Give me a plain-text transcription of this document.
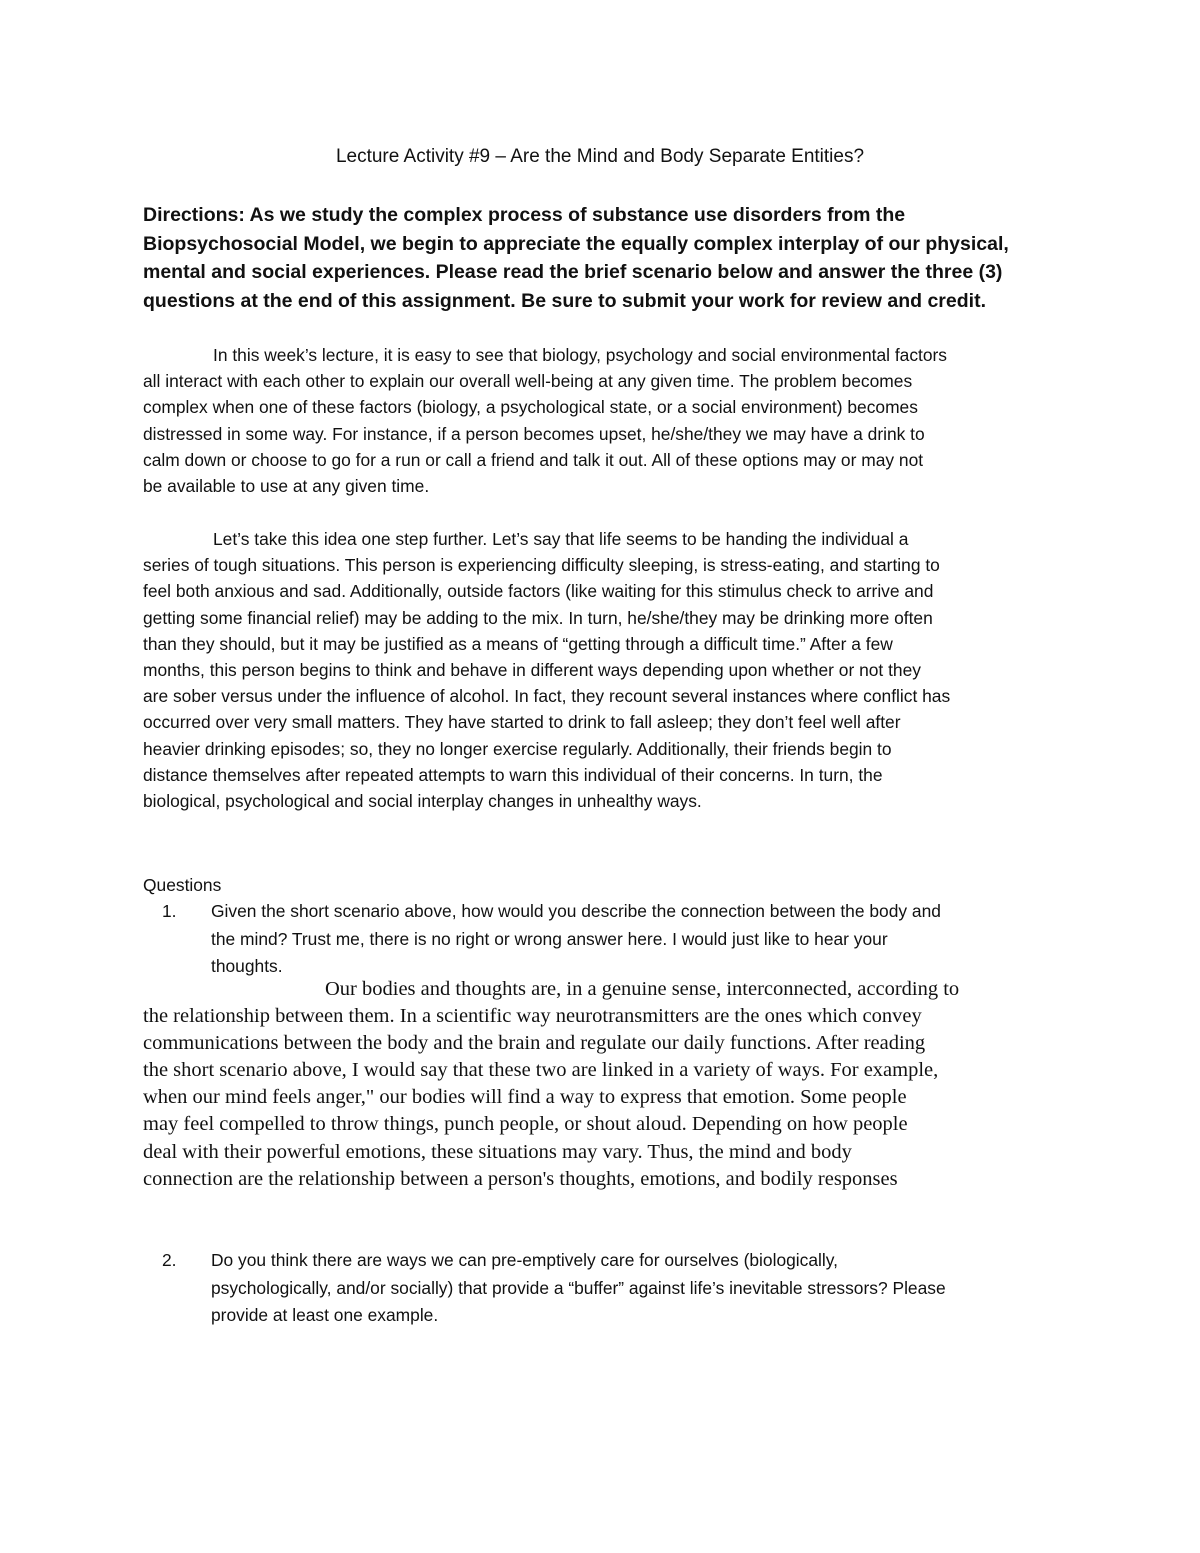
Lecture Activity #9 – Are the Mind and Body Separate Entities?
Directions: As we study the complex process of substance use disorders from the
Biopsychosocial Model, we begin to appreciate the equally complex interplay of our physical,
mental and social experiences. Please read the brief scenario below and answer the three (3)
questions at the end of this assignment. Be sure to submit your work for review and credit.
In this week’s lecture, it is easy to see that biology, psychology and social environmental factors
all interact with each other to explain our overall well-being at any given time. The problem becomes
complex when one of these factors (biology, a psychological state, or a social environment) becomes
distressed in some way. For instance, if a person becomes upset, he/she/they we may have a drink to
calm down or choose to go for a run or call a friend and talk it out. All of these options may or may not
be available to use at any given time.
Let’s take this idea one step further. Let’s say that life seems to be handing the individual a
series of tough situations. This person is experiencing difficulty sleeping, is stress-eating, and starting to
feel both anxious and sad. Additionally, outside factors (like waiting for this stimulus check to arrive and
getting some financial relief) may be adding to the mix. In turn, he/she/they may be drinking more often
than they should, but it may be justified as a means of “getting through a difficult time.” After a few
months, this person begins to think and behave in different ways depending upon whether or not they
are sober versus under the influence of alcohol. In fact, they recount several instances where conflict has
occurred over very small matters. They have started to drink to fall asleep; they don’t feel well after
heavier drinking episodes; so, they no longer exercise regularly. Additionally, their friends begin to
distance themselves after repeated attempts to warn this individual of their concerns. In turn, the
biological, psychological and social interplay changes in unhealthy ways.
Questions
1.	Given the short scenario above, how would you describe the connection between the body and
the mind? Trust me, there is no right or wrong answer here. I would just like to hear your
thoughts.
Our bodies and thoughts are, in a genuine sense, interconnected, according to
the relationship between them. In a scientific way neurotransmitters are the ones which convey
communications between the body and the brain and regulate our daily functions. After reading
the short scenario above, I would say that these two are linked in a variety of ways. For example,
when our mind feels anger," our bodies will find a way to express that emotion. Some people
may feel compelled to throw things, punch people, or shout aloud. Depending on how people
deal with their powerful emotions, these situations may vary. Thus, the mind and body
connection are the relationship between a person's thoughts, emotions, and bodily responses
2.	Do you think there are ways we can pre-emptively care for ourselves (biologically,
psychologically, and/or socially) that provide a “buffer” against life’s inevitable stressors? Please
provide at least one example.
